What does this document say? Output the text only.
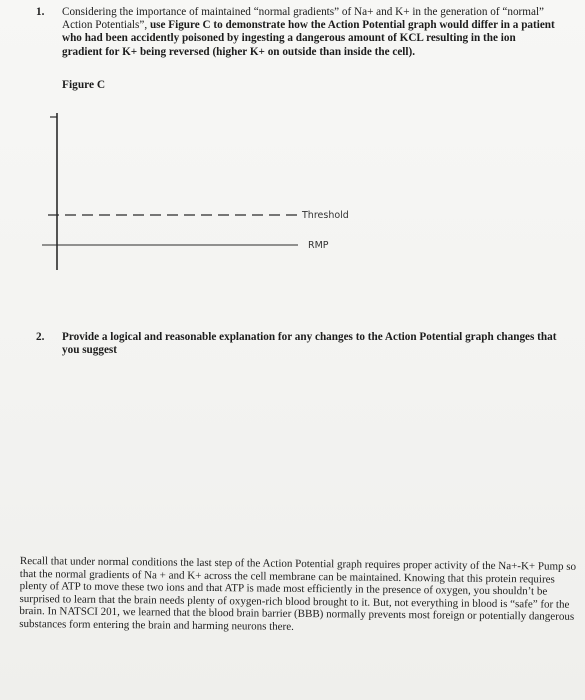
1. Considering the importance of maintained “normal gradients” of Na+ and K+ in the generation of “normal” Action Potentials”, use Figure C to demonstrate how the Action Potential graph would differ in a patient who had been accidently poisoned by ingesting a dangerous amount of KCL resulting in the ion gradient for K+ being reversed (higher K+ on outside than inside the cell).
Figure C
Threshold
RMP
2. Provide a logical and reasonable explanation for any changes to the Action Potential graph changes that you suggest
Recall that under normal conditions the last step of the Action Potential graph requires proper activity of the Na+-K+ Pump so that the normal gradients of Na + and K+ across the cell membrane can be maintained. Knowing that this protein requires plenty of ATP to move these two ions and that ATP is made most efficiently in the presence of oxygen, you shouldn’t be surprised to learn that the brain needs plenty of oxygen-rich blood brought to it. But, not everything in blood is “safe” for the brain. In NATSCI 201, we learned that the blood brain barrier (BBB) normally prevents most foreign or potentially dangerous substances form entering the brain and harming neurons there.
